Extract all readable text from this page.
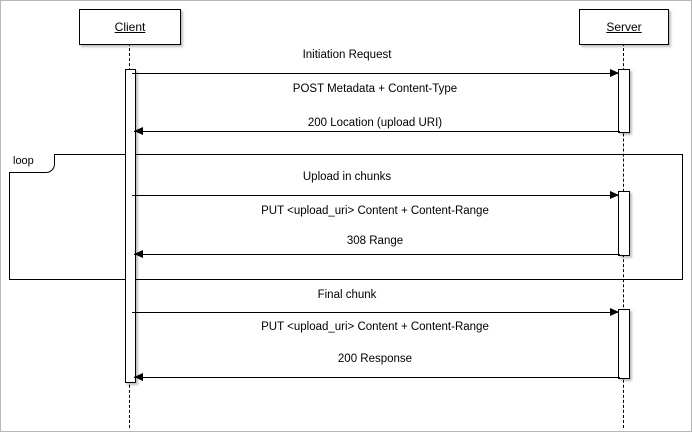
loop
Client	Server
Initiation Request
POST Metadata + Content-Type
200 Location (upload URI)
Upload in chunks
PUT <upload_uri> Content + Content-Range
308 Range
Final chunk
PUT <upload_uri> Content + Content-Range
200 Response
